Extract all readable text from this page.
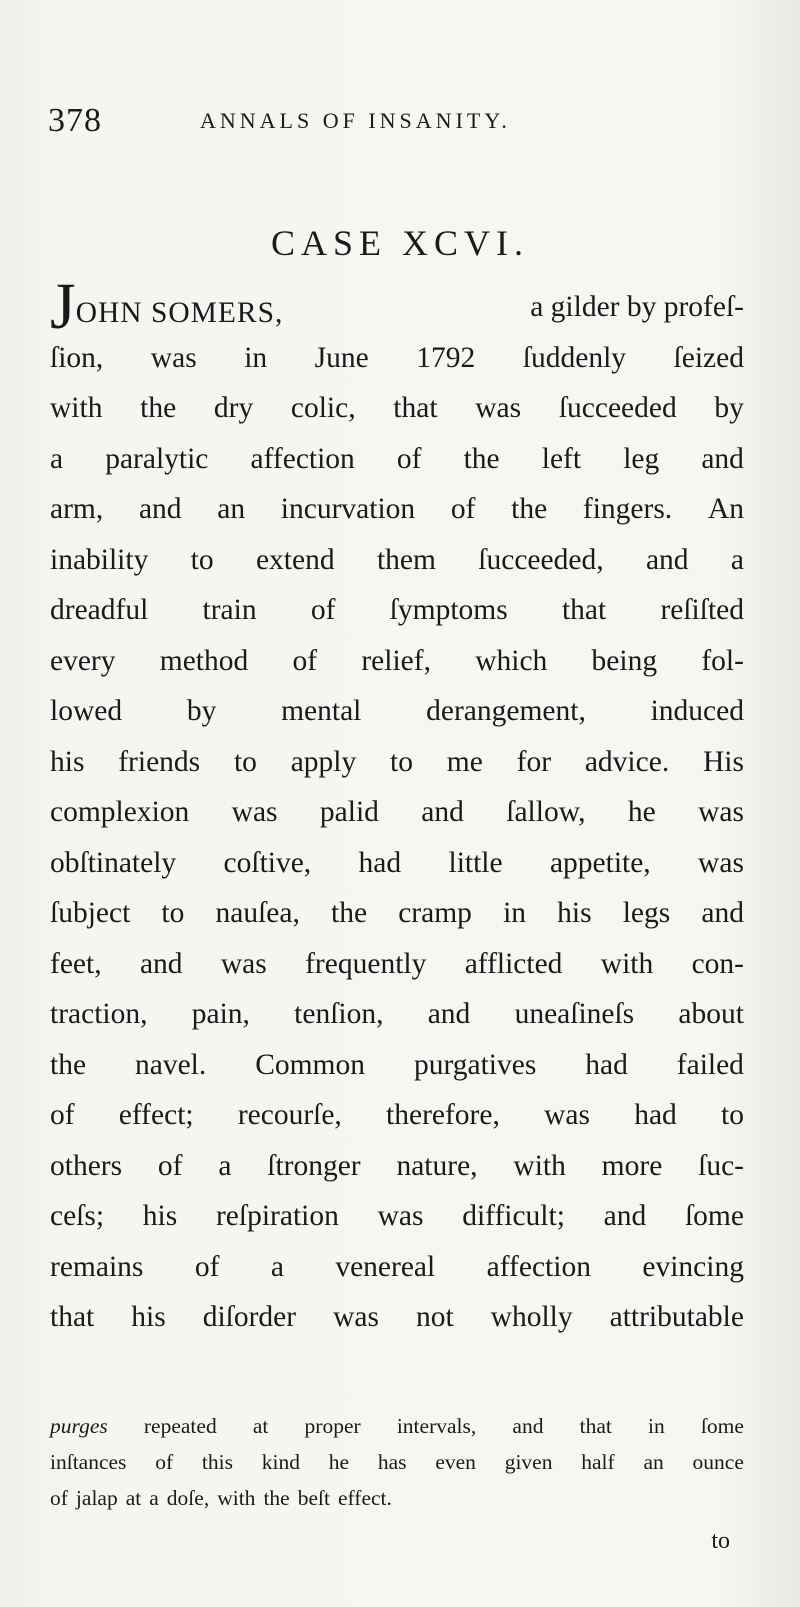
378	ANNALS OF INSANITY.
CASE XCVI.
JOHN SOMERS,	a gilder by profeſ-
ſion, was in June 1792 ſuddenly ſeized
with the dry colic, that was ſucceeded by
a paralytic affection of the left leg and
arm, and an incurvation of the fingers. An
inability to extend them ſucceeded, and a
dreadful train of ſymptoms that reſiſted
every method of relief, which being fol-
lowed by mental derangement, induced
his friends to apply to me for advice. His
complexion was palid and ſallow, he was
obſtinately coſtive, had little appetite, was
ſubject to nauſea, the cramp in his legs and
feet, and was frequently afflicted with con-
traction, pain, tenſion, and uneaſineſs about
the navel. Common purgatives had failed
of effect; recourſe, therefore, was had to
others of a ſtronger nature, with more ſuc-
ceſs; his reſpiration was difficult; and ſome
remains of a venereal affection evincing
that his diſorder was not wholly attributable
purges repeated at proper intervals, and that in ſome
inſtances of this kind he has even given half an ounce
of jalap at a doſe, with the beſt effect.
to
